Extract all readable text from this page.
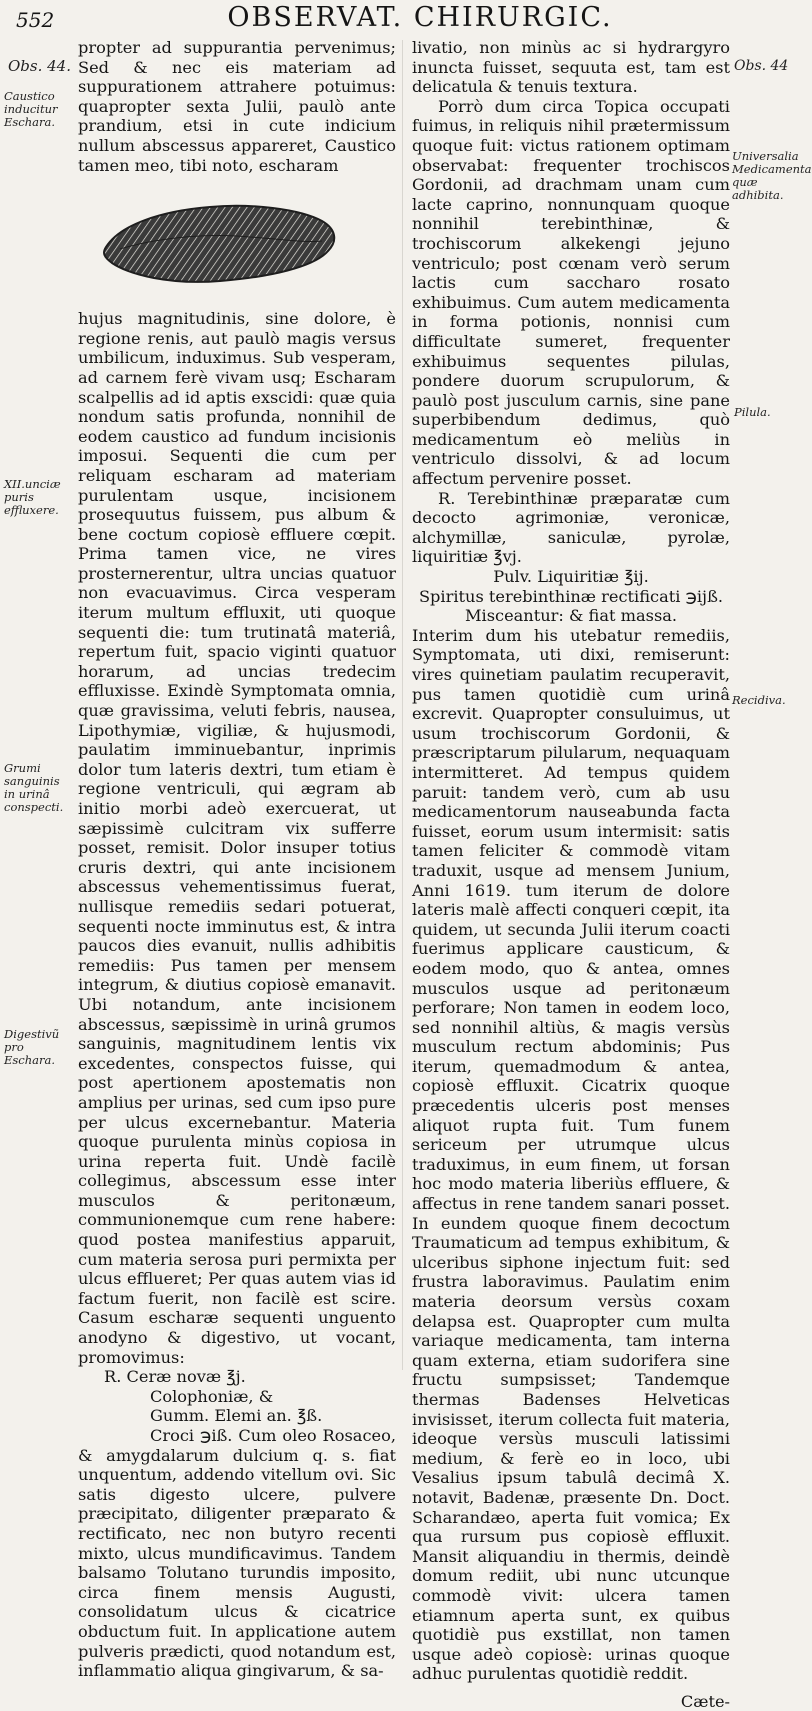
552	OBSERVAT. CHIRURGIC.
Obs. 44.
Caustico inducitur Eschara.
XII.unciæ puris effluxere.
Grumi sanguinis in urinâ conspecti.
Digestivũ pro Eschara.
Obs. 44
Universalia Medicamenta quæ adhibita.
Pilula.
Recidiva.

propter ad suppurantia pervenimus; Sed & nec eis materiam ad suppurationem attrahere potuimus: quapropter sexta Julii, paulò ante prandium, etsi in cute indicium nullum abscessus appareret, Caustico tamen meo, tibi noto, escharam

hujus magnitudinis, sine dolore, è regione renis, aut paulò magis versus umbilicum, induximus. Sub vesperam, ad carnem ferè vivam usq; Escharam scalpellis ad id aptis exscidi: quæ quia nondum satis profunda, nonnihil de eodem caustico ad fundum incisionis imposui. Sequenti die cum per reliquam escharam ad materiam purulentam usque, incisionem prosequutus fuissem, pus album & bene coctum copiosè effluere cœpit. Prima tamen vice, ne vires prosternerentur, ultra uncias quatuor non evacuavimus. Circa vesperam iterum multum effluxit, uti quoque sequenti die: tum trutinatâ materiâ, repertum fuit, spacio viginti quatuor horarum, ad uncias tredecim effluxisse. Exindè Symptomata omnia, quæ gravissima, veluti febris, nausea, Lipothymiæ, vigiliæ, & hujusmodi, paulatim imminuebantur, inprimis dolor tum lateris dextri, tum etiam è regione ventriculi, qui ægram ab initio morbi adeò exercuerat, ut sæpissimè culcitram vix sufferre posset, remisit. Dolor insuper totius cruris dextri, qui ante incisionem abscessus vehementissimus fuerat, nullisque remediis sedari potuerat, sequenti nocte imminutus est, & intra paucos dies evanuit, nullis adhibitis remediis: Pus tamen per mensem integrum, & diutius copiosè emanavit. Ubi notandum, ante incisionem abscessus, sæpissimè in urinâ grumos sanguinis, magnitudinem lentis vix excedentes, conspectos fuisse, qui post apertionem apostematis non amplius per urinas, sed cum ipso pure per ulcus excernebantur. Materia quoque purulenta minùs copiosa in urina reperta fuit. Undè facilè collegimus, abscessum esse inter musculos & peritonæum, communionemque cum rene habere: quod postea manifestius apparuit, cum materia serosa puri permixta per ulcus efflueret; Per quas autem vias id factum fuerit, non facilè est scire. Casum escharæ sequenti unguento anodyno & digestivo, ut vocant, promovimus:

R. Ceræ novæ ℥j.

Colophoniæ, &

Gumm. Elemi an. ℥ß.

Croci ℈iß. Cum oleo Rosaceo, & amygdalarum dulcium q. s. fiat unquentum, addendo vitellum ovi. Sic satis digesto ulcere, pulvere præcipitato, diligenter præparato & rectificato, nec non butyro recenti mixto, ulcus mundificavimus. Tandem balsamo Tolutano turundis imposito, circa finem mensis Augusti, consolidatum ulcus & cicatrice obductum fuit. In applicatione autem pulveris prædicti, quod notandum est, inflammatio aliqua gingivarum, & sa-

livatio, non minùs ac si hydrargyro inuncta fuisset, sequuta est, tam est delicatula & tenuis textura.

Porrò dum circa Topica occupati fuimus, in reliquis nihil prætermissum quoque fuit: victus rationem optimam observabat: frequenter trochiscos Gordonii, ad drachmam unam cum lacte caprino, nonnunquam quoque nonnihil terebinthinæ, & trochiscorum alkekengi jejuno ventriculo; post cœnam verò serum lactis cum saccharo rosato exhibuimus. Cum autem medicamenta in forma potionis, nonnisi cum difficultate sumeret, frequenter exhibuimus sequentes pilulas, pondere duorum scrupulorum, & paulò post jusculum carnis, sine pane superbibendum dedimus, quò medicamentum eò meliùs in ventriculo dissolvi, & ad locum affectum pervenire posset.

R. Terebinthinæ præparatæ cum decocto agrimoniæ, veronicæ, alchymillæ, saniculæ, pyrolæ, liquiritiæ ℥vj.

Pulv. Liquiritiæ ℥ij.

Spiritus terebinthinæ rectificati ℈ijß.

Misceantur: & fiat massa.

Interim dum his utebatur remediis, Symptomata, uti dixi, remiserunt: vires quinetiam paulatim recuperavit, pus tamen quotidiè cum urinâ excrevit. Quapropter consuluimus, ut usum trochiscorum Gordonii, & præscriptarum pilularum, nequaquam intermitteret. Ad tempus quidem paruit: tandem verò, cum ab usu medicamentorum nauseabunda facta fuisset, eorum usum intermisit: satis tamen feliciter & commodè vitam traduxit, usque ad mensem Junium, Anni 1619. tum iterum de dolore lateris malè affecti conqueri cœpit, ita quidem, ut secunda Julii iterum coacti fuerimus applicare causticum, & eodem modo, quo & antea, omnes musculos usque ad peritonæum perforare; Non tamen in eodem loco, sed nonnihil altiùs, & magis versùs musculum rectum abdominis; Pus iterum, quemadmodum & antea, copiosè effluxit. Cicatrix quoque præcedentis ulceris post menses aliquot rupta fuit. Tum funem sericeum per utrumque ulcus traduximus, in eum finem, ut forsan hoc modo materia liberiùs effluere, & affectus in rene tandem sanari posset. In eundem quoque finem decoctum Traumaticum ad tempus exhibitum, & ulceribus siphone injectum fuit: sed frustra laboravimus. Paulatim enim materia deorsum versùs coxam delapsa est. Quapropter cum multa variaque medicamenta, tam interna quam externa, etiam sudorifera sine fructu sumpsisset; Tandemque thermas Badenses Helveticas invisisset, iterum collecta fuit materia, ideoque versùs musculi latissimi medium, & ferè eo in loco, ubi Vesalius ipsum tabulâ decimâ X. notavit, Badenæ, præsente Dn. Doct. Scharandæo, aperta fuit vomica; Ex qua rursum pus copiosè effluxit. Mansit aliquandiu in thermis, deindè domum rediit, ubi nunc utcunque commodè vivit: ulcera tamen etiamnum aperta sunt, ex quibus quotidiè pus exstillat, non tamen usque adeò copiosè: urinas quoque adhuc purulentas quotidiè reddit.

Cæte-
